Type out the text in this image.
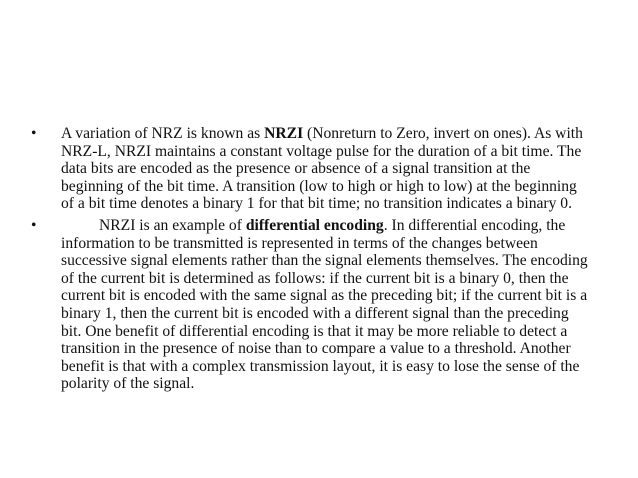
•	A variation of NRZ is known as NRZI (Nonreturn to Zero, invert on ones). As with NRZ-L, NRZI maintains a constant voltage pulse for the duration of a bit time. The data bits are encoded as the presence or absence of a signal transition at the beginning of the bit time. A transition (low to high or high to low) at the beginning of a bit time denotes a binary 1 for that bit time; no transition indicates a binary 0.
•	NRZI is an example of differential encoding. In differential encoding, the information to be transmitted is represented in terms of the changes between successive signal elements rather than the signal elements themselves. The encoding of the current bit is determined as follows: if the current bit is a binary 0, then the current bit is encoded with the same signal as the preceding bit; if the current bit is a binary 1, then the current bit is encoded with a different signal than the preceding bit. One benefit of differential encoding is that it may be more reliable to detect a transition in the presence of noise than to compare a value to a threshold. Another benefit is that with a complex transmission layout, it is easy to lose the sense of the polarity of the signal.
